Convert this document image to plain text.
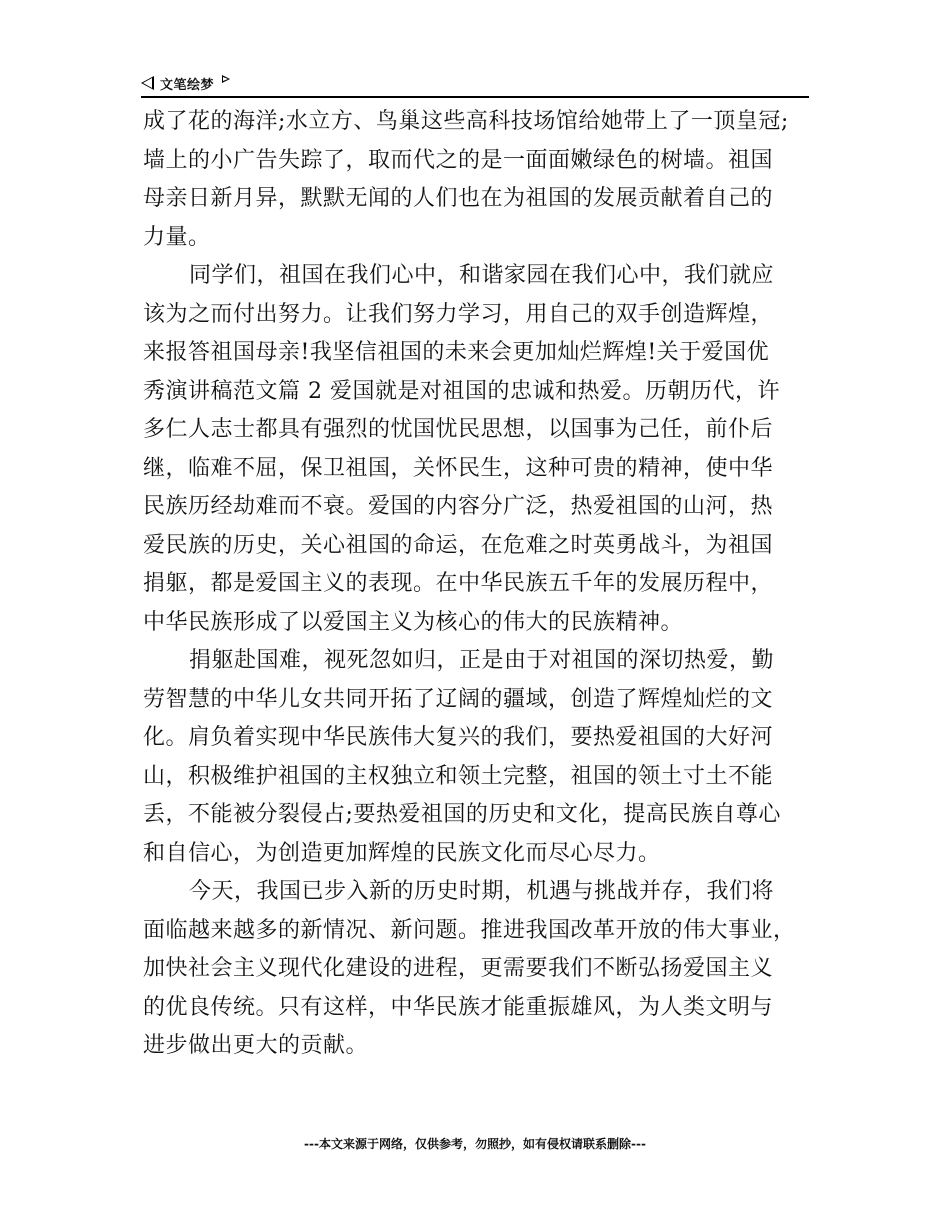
文笔绘梦
成了花的海洋;水立方、鸟巢这些高科技场馆给她带上了一顶皇冠;
墙上的小广告失踪了，取而代之的是一面面嫩绿色的树墙。祖国
母亲日新月异，默默无闻的人们也在为祖国的发展贡献着自己的
力量。
同学们，祖国在我们心中，和谐家园在我们心中，我们就应
该为之而付出努力。让我们努力学习，用自己的双手创造辉煌，
来报答祖国母亲!我坚信祖国的未来会更加灿烂辉煌!关于爱国优
秀演讲稿范文篇 2 爱国就是对祖国的忠诚和热爱。历朝历代，许
多仁人志士都具有强烈的忧国忧民思想，以国事为己任，前仆后
继，临难不屈，保卫祖国，关怀民生，这种可贵的精神，使中华
民族历经劫难而不衰。爱国的内容分广泛，热爱祖国的山河，热
爱民族的历史，关心祖国的命运，在危难之时英勇战斗，为祖国
捐躯，都是爱国主义的表现。在中华民族五千年的发展历程中，
中华民族形成了以爱国主义为核心的伟大的民族精神。
捐躯赴国难，视死忽如归，正是由于对祖国的深切热爱，勤
劳智慧的中华儿女共同开拓了辽阔的疆域，创造了辉煌灿烂的文
化。肩负着实现中华民族伟大复兴的我们，要热爱祖国的大好河
山，积极维护祖国的主权独立和领土完整，祖国的领土寸土不能
丢，不能被分裂侵占;要热爱祖国的历史和文化，提高民族自尊心
和自信心，为创造更加辉煌的民族文化而尽心尽力。
今天，我国已步入新的历史时期，机遇与挑战并存，我们将
面临越来越多的新情况、新问题。推进我国改革开放的伟大事业，
加快社会主义现代化建设的进程，更需要我们不断弘扬爱国主义
的优良传统。只有这样，中华民族才能重振雄风，为人类文明与
进步做出更大的贡献。
---本文来源于网络，仅供参考，勿照抄，如有侵权请联系删除---
